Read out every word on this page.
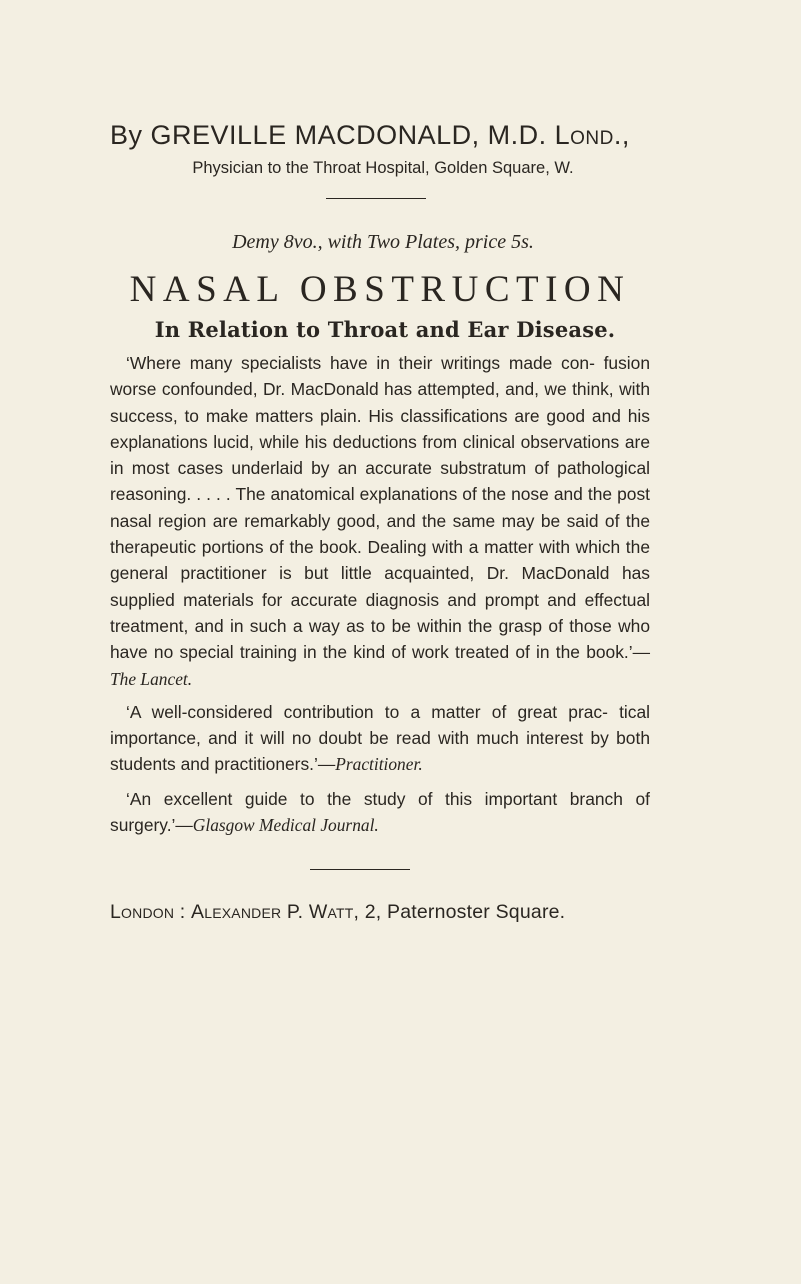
By GREVILLE MACDONALD, M.D. Lond.,

Physician to the Throat Hospital, Golden Square, W.
Demy 8vo., with Two Plates, price 5s.
NASAL OBSTRUCTION
In Relation to Throat and Ear Disease.

‘Where many specialists have in their writings made con- fusion worse confounded, Dr. MacDonald has attempted, and, we think, with success, to make matters plain. His classifications are good and his explanations lucid, while his deductions from clinical observations are in most cases underlaid by an accurate substratum of pathological reasoning. . . . . The anatomical explanations of the nose and the post nasal region are remarkably good, and the same may be said of the therapeutic portions of the book. Dealing with a matter with which the general practitioner is but little acquainted, Dr. MacDonald has supplied materials for accurate diagnosis and prompt and effectual treatment, and in such a way as to be within the grasp of those who have no special training in the kind of work treated of in the book.’—The Lancet.

‘A well-considered contribution to a matter of great prac- tical importance, and it will no doubt be read with much interest by both students and practitioners.’—Practitioner.

‘An excellent guide to the study of this important branch of surgery.’—Glasgow Medical Journal.

London : Alexander P. Watt, 2, Paternoster Square.
